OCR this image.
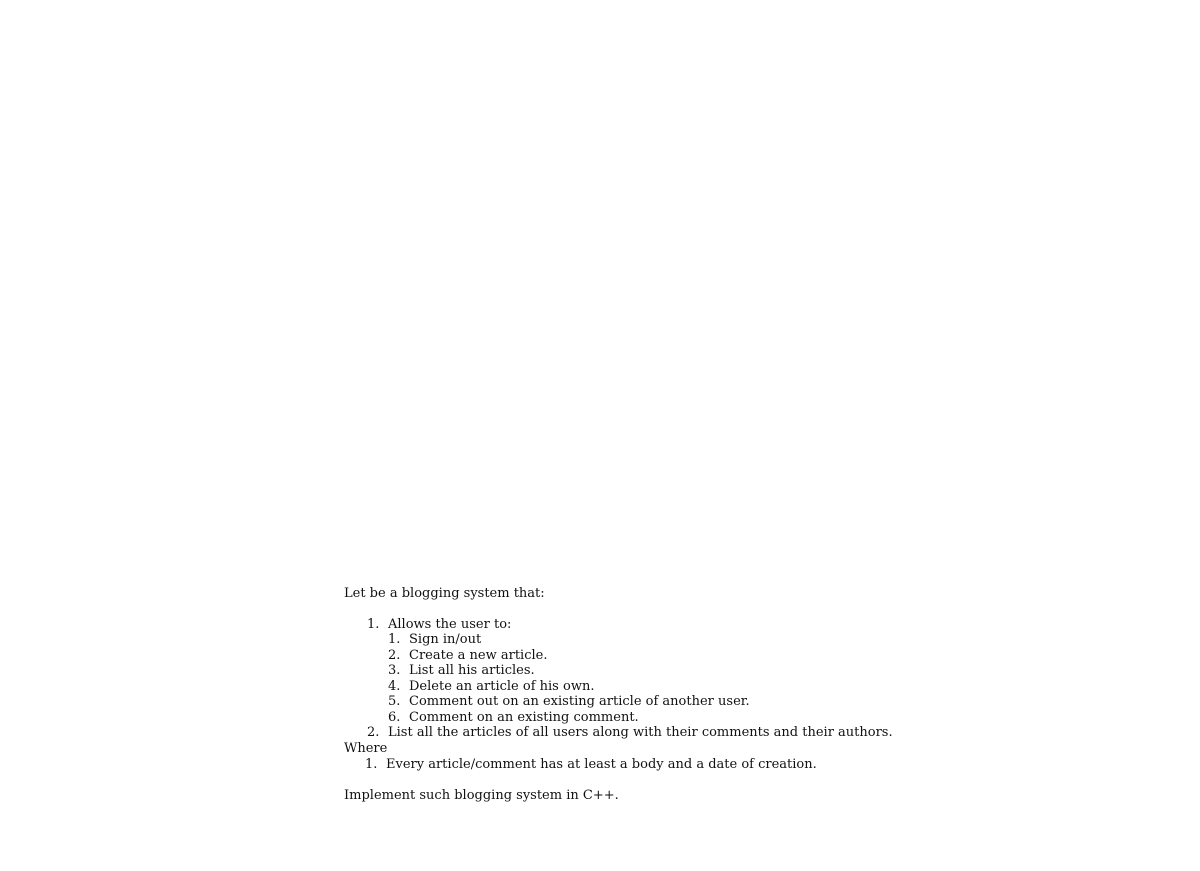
Let be a blogging system that:

1. Allows the user to:
1. Sign in/out
2. Create a new article.
3. List all his articles.
4. Delete an article of his own.
5. Comment out on an existing article of another user.
6. Comment on an existing comment.
2. List all the articles of all users along with their comments and their authors.

Where

1. Every article/comment has at least a body and a date of creation.

Implement such blogging system in C++.
